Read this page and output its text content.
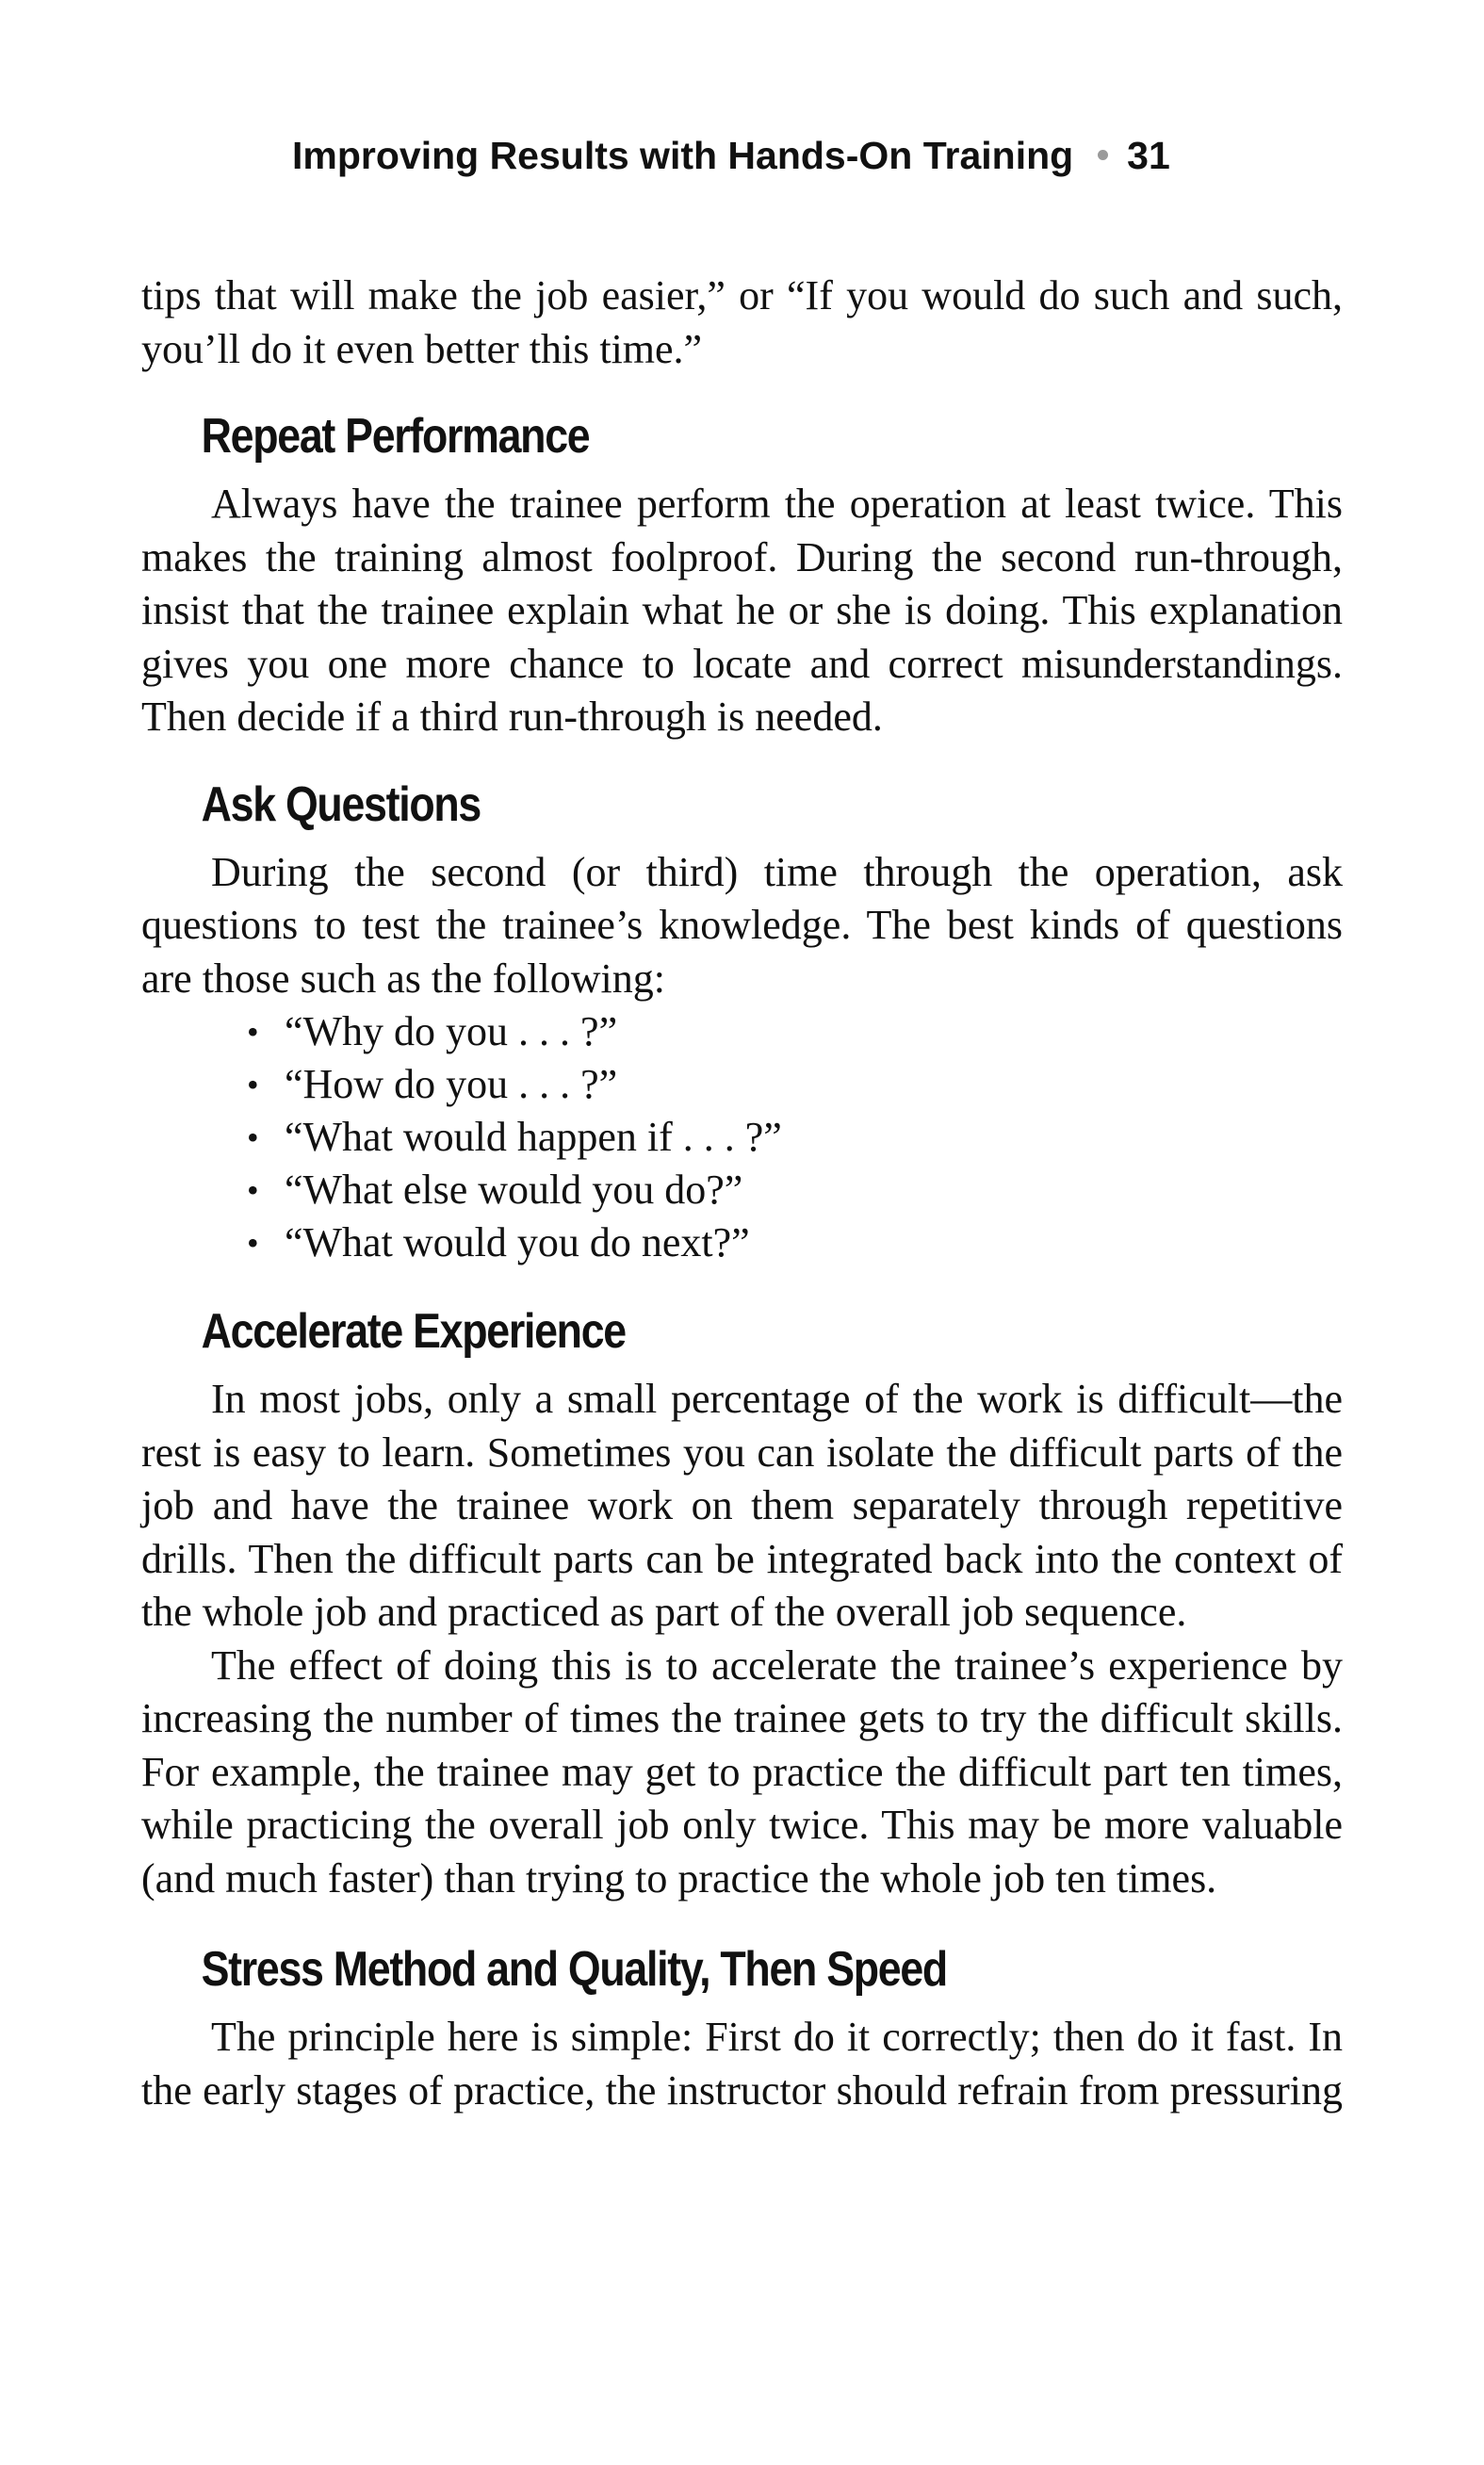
Improving Results with Hands-On Training 31

tips that will make the job easier,” or “If you would do such and such, you’ll do it even better this time.”

Repeat Performance

Always have the trainee perform the operation at least twice. This makes the training almost foolproof. During the second run-through, insist that the trainee explain what he or she is doing. This explanation gives you one more chance to locate and correct misunderstandings. Then decide if a third run-through is needed.

Ask Questions

During the second (or third) time through the operation, ask questions to test the trainee’s knowledge. The best kinds of questions are those such as the following:

• “Why do you . . . ?”
• “How do you . . . ?”
• “What would happen if . . . ?”
• “What else would you do?”
• “What would you do next?”
Accelerate Experience

In most jobs, only a small percentage of the work is difficult—the rest is easy to learn. Sometimes you can isolate the difficult parts of the job and have the trainee work on them separately through repetitive drills. Then the difficult parts can be integrated back into the context of the whole job and practiced as part of the overall job sequence.

The effect of doing this is to accelerate the trainee’s experience by increasing the number of times the trainee gets to try the difficult skills. For example, the trainee may get to practice the difficult part ten times, while practicing the overall job only twice. This may be more valuable (and much faster) than trying to practice the whole job ten times.

Stress Method and Quality, Then Speed

The principle here is simple: First do it correctly; then do it fast. In the early stages of practice, the instructor should refrain from pressuring
